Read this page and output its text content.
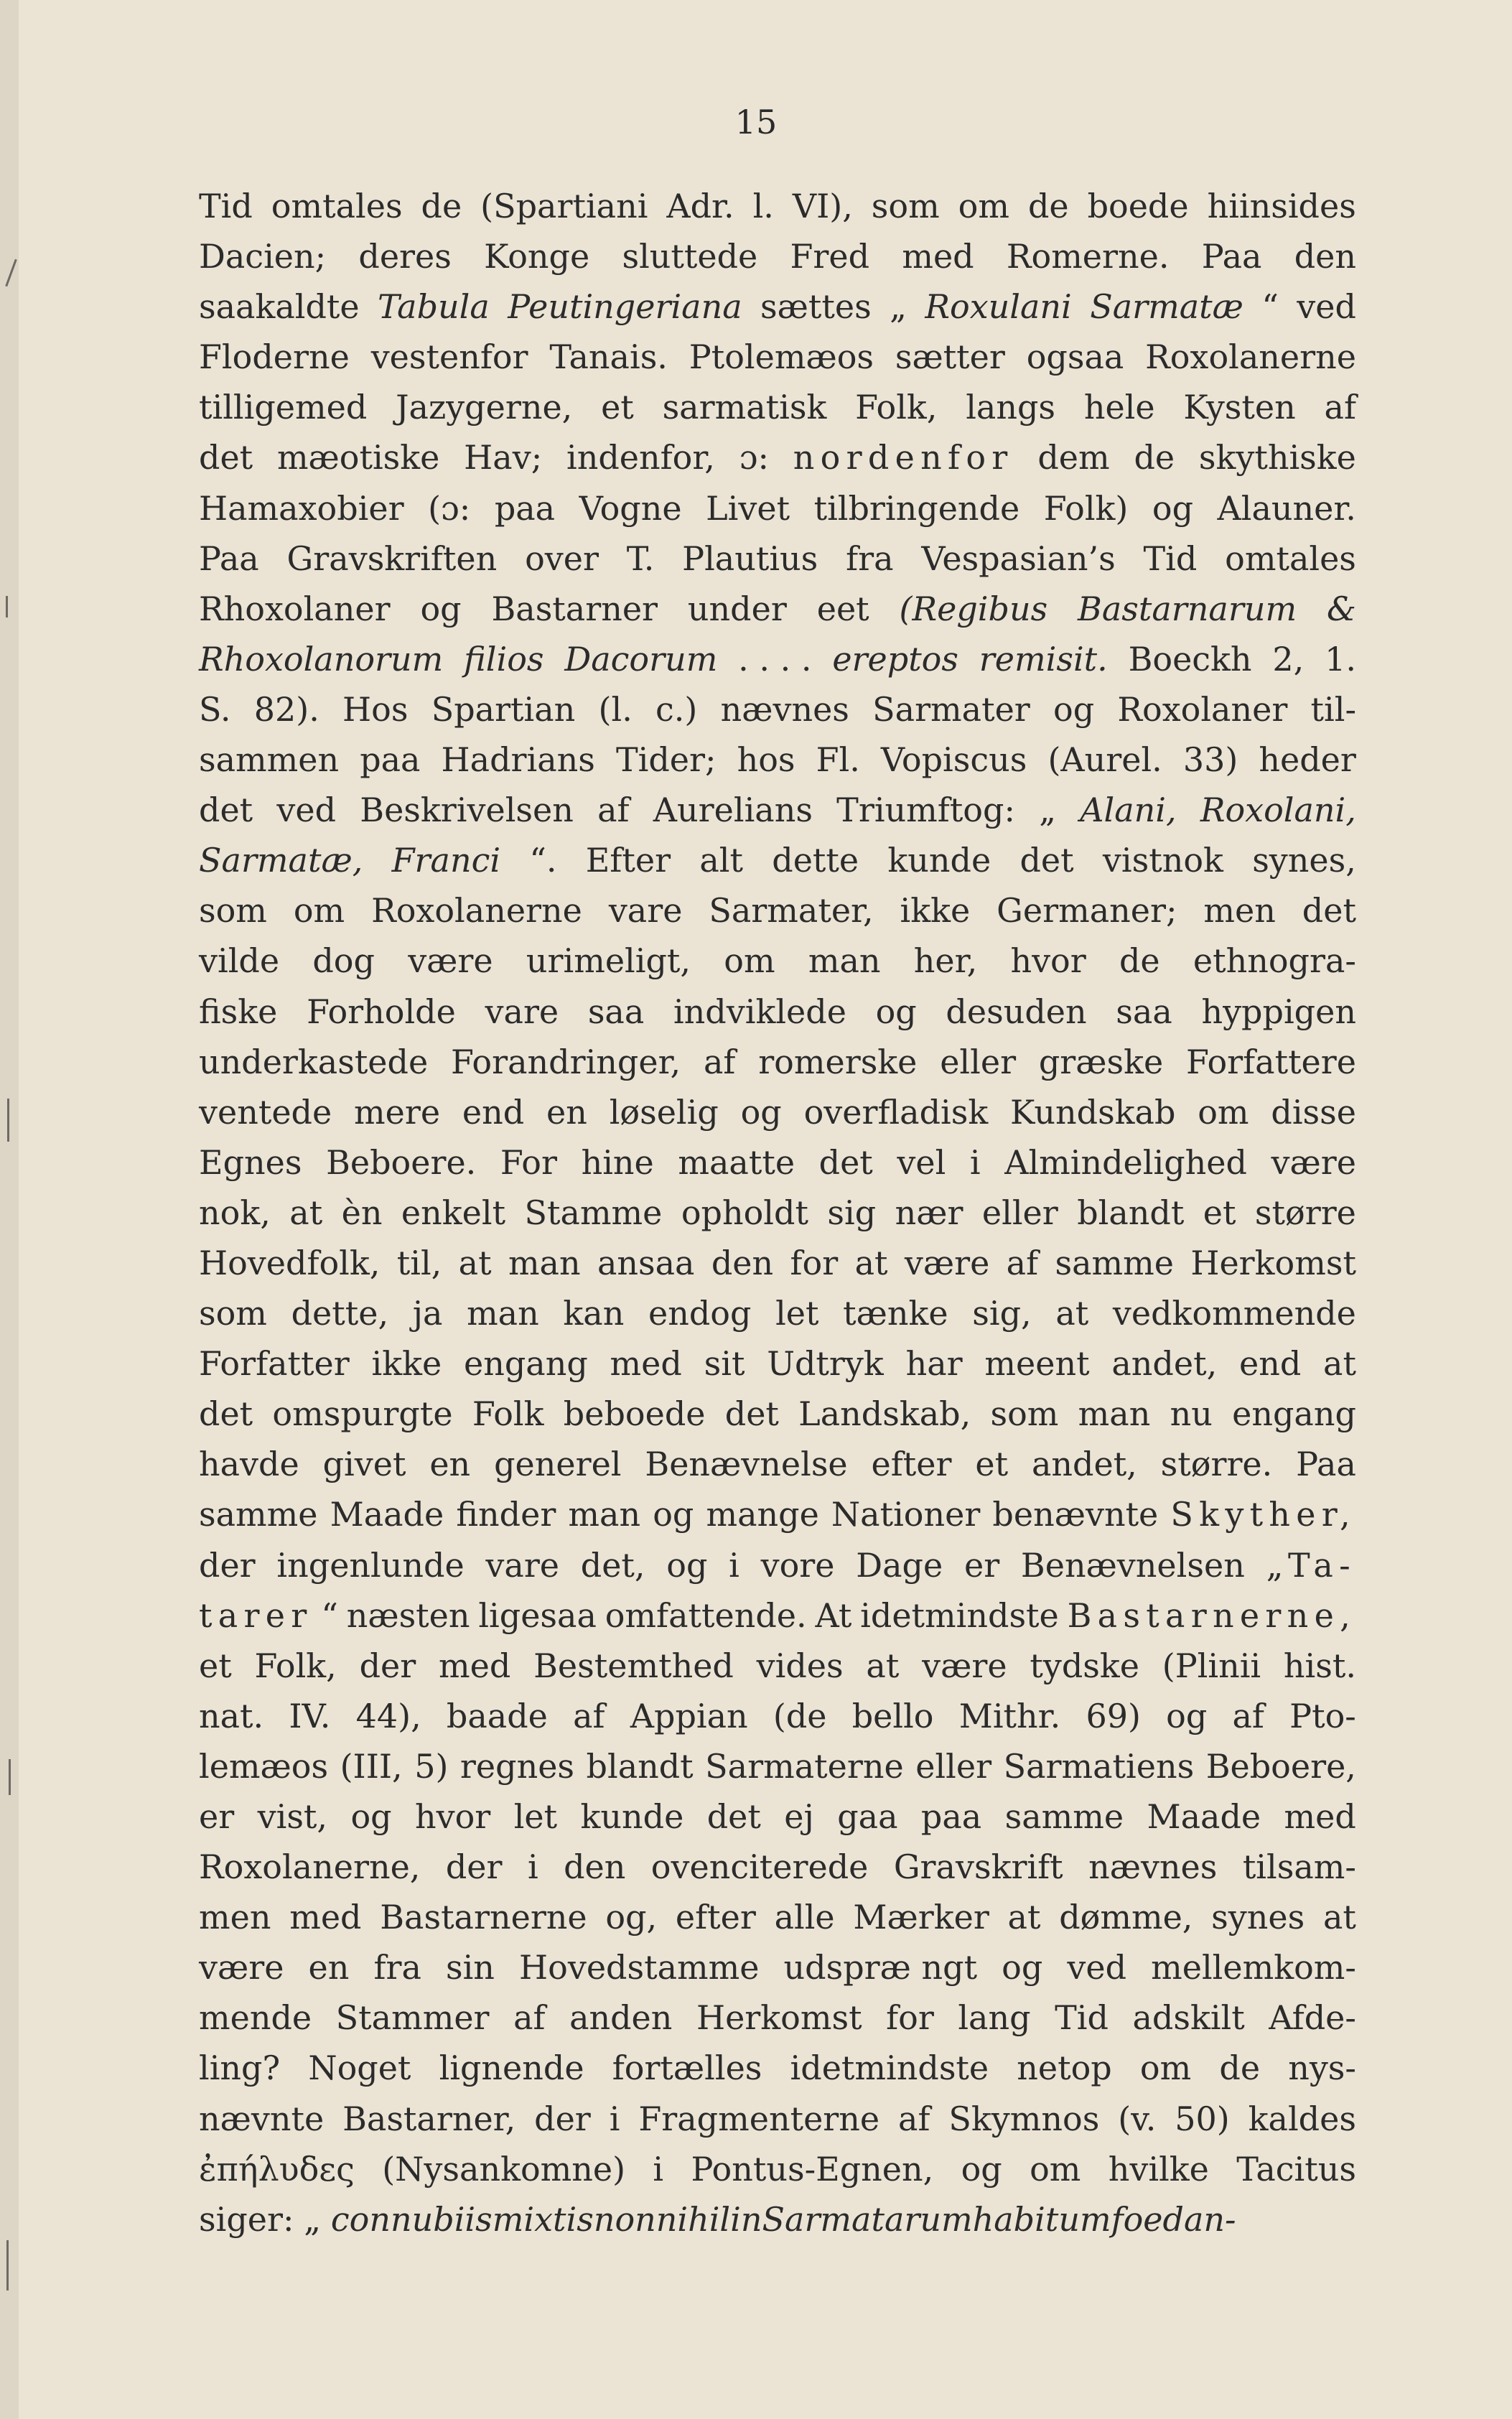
15
Tid omtales de (Spartiani Adr. l. VI), som om de boede hiinsides
Dacien; deres Konge sluttede Fred med Romerne. Paa den
saakaldte Tabula Peutingeriana sættes „ Roxulani Sarmatæ “ ved
Floderne vestenfor Tanais. Ptolemæos sætter ogsaa Roxolanerne
tilligemed Jazygerne, et sarmatisk Folk, langs hele Kysten af
det mæotiske Hav; indenfor, ɔ: nordenfor dem de skythiske
Hamaxobier (ɔ: paa Vogne Livet tilbringende Folk) og Alauner.
Paa Gravskriften over T. Plautius fra Vespasian’s Tid omtales
Rhoxolaner og Bastarner under eet (Regibus Bastarnarum &
Rhoxolanorum filios Dacorum . . . . ereptos remisit. Boeckh 2, 1.
S. 82). Hos Spartian (l. c.) nævnes Sarmater og Roxolaner til-
sammen paa Hadrians Tider; hos Fl. Vopiscus (Aurel. 33) heder
det ved Beskrivelsen af Aurelians Triumftog: „ Alani, Roxolani,
Sarmatæ, Franci “. Efter alt dette kunde det vistnok synes,
som om Roxolanerne vare Sarmater, ikke Germaner; men det
vilde dog være urimeligt, om man her, hvor de ethnogra-
fiske Forholde vare saa indviklede og desuden saa hyppigen
underkastede Forandringer, af romerske eller græske Forfattere
ventede mere end en løselig og overfladisk Kundskab om disse
Egnes Beboere. For hine maatte det vel i Almindelighed være
nok, at èn enkelt Stamme opholdt sig nær eller blandt et større
Hovedfolk, til, at man ansaa den for at være af samme Herkomst
som dette, ja man kan endog let tænke sig, at vedkommende
Forfatter ikke engang med sit Udtryk har meent andet, end at
det omspurgte Folk beboede det Landskab, som man nu engang
havde givet en generel Benævnelse efter et andet, større. Paa
samme Maade finder man og mange Nationer benævnte Skyther,
der ingenlunde vare det, og i vore Dage er Benævnelsen „Ta-
tarer “ næsten ligesaa omfattende. At idetmindste Bastarnerne,
et Folk, der med Bestemthed vides at være tydske (Plinii hist.
nat. IV. 44), baade af Appian (de bello Mithr. 69) og af Pto-
lemæos (III, 5) regnes blandt Sarmaterne eller Sarmatiens Beboere,
er vist, og hvor let kunde det ej gaa paa samme Maade med
Roxolanerne, der i den ovenciterede Gravskrift nævnes tilsam-
men med Bastarnerne og, efter alle Mærker at dømme, synes at
være en fra sin Hovedstamme udspræ ngt og ved mellemkom-
mende Stammer af anden Herkomst for lang Tid adskilt Afde-
ling? Noget lignende fortælles idetmindste netop om de nys-
nævnte Bastarner, der i Fragmenterne af Skymnos (v. 50) kaldes
ἐπήλυδες (Nysankomne) i Pontus-Egnen, og om hvilke Tacitus
siger: „ connubiis mixtis nonnihil in Sarmatarum habitum foedan-
